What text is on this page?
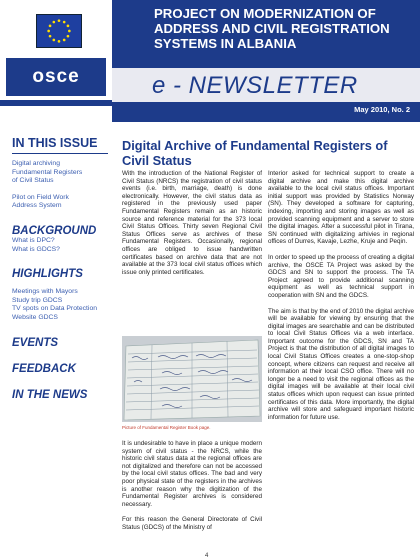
osce
PROJECT ON MODERNIZATION OF ADDRESS AND CIVIL REGISTRATION SYSTEMS IN ALBANIA
e - NEWSLETTER
May 2010, No. 2
IN THIS ISSUE
Digital archiving
Fundamental Registers
of Civil Status
Pilot on Field Work
Address System
BACKGROUND
What is DPC?
What is GDCS?
HIGHLIGHTS
Meetings with Mayors
Study trip GDCS
TV spots on Data Protection
Website GDCS
EVENTS
FEEDBACK
IN THE NEWS
Digital Archive of Fundamental Registers of Civil Status

With the introduction of the National Register of Civil Status (NRCS) the registration of civil status events (i.e. birth, marriage, death) is done electronically. However, the civil status data as registered in the previously used paper Fundamental Registers remain as an historic source and reference material for the 373 local Civil Status Offices. Thirty seven Regional Civil Status Offices serve as archives of these Fundamental Registers. Occasionally, regional offices are obliged to issue handwritten certificates based on archive data that are not available at the 373 local civil status offices which issue only printed certificates.

Picture of Fundamental Register Book page.

It is undesirable to have in place a unique modern system of civil status - the NRCS, while the historic civil status data at the regional offices are not digitalized and therefore can not be accessed by the local civil status offices. The bad and very poor physical state of the registers in the archives is another reason why the digitization of the Fundamental Register archives is considered necessary.

For this reason the General Directorate of Civil Status (GDCS) of the Ministry of

Interior asked for technical support to create a digital archive and make this digital archive available to the local civil status offices. Important initial support was provided by Statistics Norway (SN). They developed a software for capturing, indexing, importing and storing images as well as provided scanning equipment and a server to store the digital images. After a successful pilot in Tirana, SN continued with digitalizing arhivies in regional offices of Durres, Kavaje, Lezhe, Kruje and Peqin.

In order to speed up the process of creating a digital archive, the OSCE TA Project was asked by the GDCS and SN to support the process. The TA Project agreed to provide additional scanning equipment as well as technical support in cooperation with SN and the GDCS.

The aim is that by the end of 2010 the digital archive will be available for viewing by ensuring that the digital images are searchable and can be distributed to local Civil Status Offices via a web interface. Important outcome for the GDCS, SN and TA Project is that the distribution of all digital images to local Civil Status Offices creates a one-stop-shop concept, where citizens can request and receive all information at their local CSO office. There will no longer be a need to visit the regional offices as the digital images will be available at their local civil status offices which upon request can issue printed certificates of this data. More importantly, the digital archive will store and safeguard important historic information for future use.

4
